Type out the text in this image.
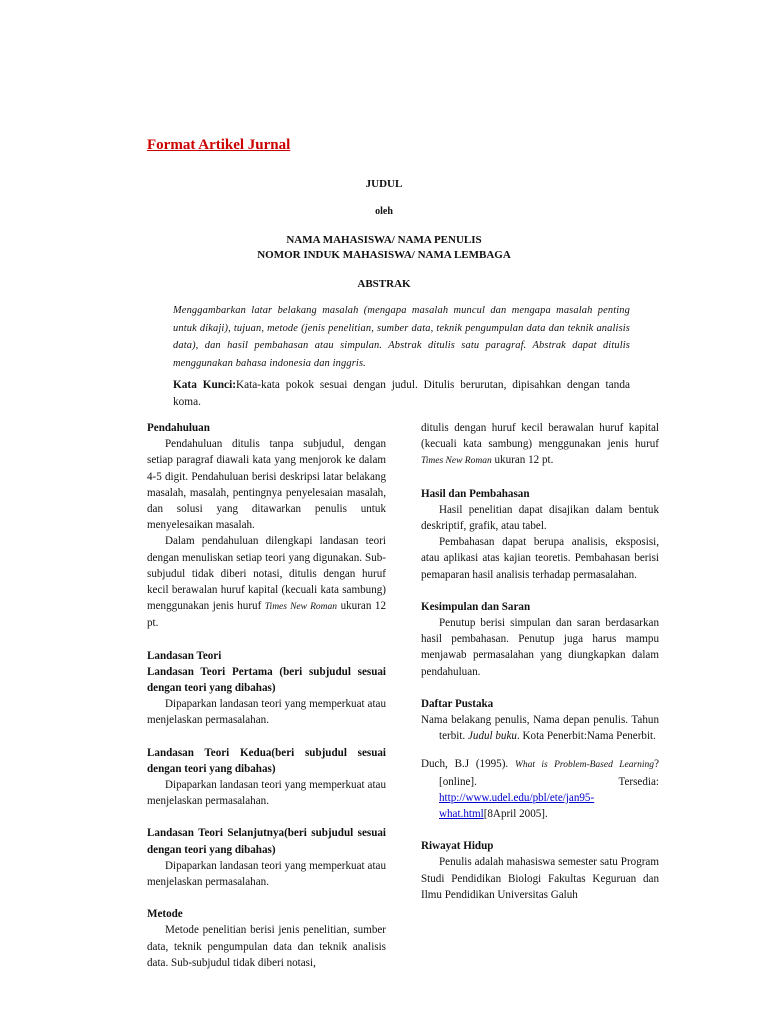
Format Artikel Jurnal
JUDUL
oleh
NAMA MAHASISWA/ NAMA PENULIS
NOMOR INDUK MAHASISWA/ NAMA LEMBAGA
ABSTRAK
Menggambarkan latar belakang masalah (mengapa masalah muncul dan mengapa masalah penting untuk dikaji), tujuan, metode (jenis penelitian, sumber data, teknik pengumpulan data dan teknik analisis data), dan hasil pembahasan atau simpulan. Abstrak ditulis satu paragraf. Abstrak dapat ditulis menggunakan bahasa indonesia dan inggris.
Kata Kunci:Kata-kata pokok sesuai dengan judul. Ditulis berurutan, dipisahkan dengan tanda koma.
Pendahuluan

Pendahuluan ditulis tanpa subjudul, dengan setiap paragraf diawali kata yang menjorok ke dalam 4-5 digit. Pendahuluan berisi deskripsi latar belakang masalah, masalah, pentingnya penyelesaian masalah, dan solusi yang ditawarkan penulis untuk menyelesaikan masalah.

Dalam pendahuluan dilengkapi landasan teori dengan menuliskan setiap teori yang digunakan. Sub-subjudul tidak diberi notasi, ditulis dengan huruf kecil berawalan huruf kapital (kecuali kata sambung) menggunakan jenis huruf Times New Roman ukuran 12 pt.

Landasan Teori
Landasan Teori Pertama (beri subjudul sesuai dengan teori yang dibahas)

Dipaparkan landasan teori yang memperkuat atau menjelaskan permasalahan.

Landasan Teori Kedua(beri subjudul sesuai dengan teori yang dibahas)

Dipaparkan landasan teori yang memperkuat atau menjelaskan permasalahan.

Landasan Teori Selanjutnya(beri subjudul sesuai dengan teori yang dibahas)

Dipaparkan landasan teori yang memperkuat atau menjelaskan permasalahan.

Metode

Metode penelitian berisi jenis penelitian, sumber data, teknik pengumpulan data dan teknik analisis data. Sub-subjudul tidak diberi notasi,

ditulis dengan huruf kecil berawalan huruf kapital (kecuali kata sambung) menggunakan jenis huruf Times New Roman ukuran 12 pt.

Hasil dan Pembahasan

Hasil penelitian dapat disajikan dalam bentuk deskriptif, grafik, atau tabel.

Pembahasan dapat berupa analisis, eksposisi, atau aplikasi atas kajian teoretis. Pembahasan berisi pemaparan hasil analisis terhadap permasalahan.

Kesimpulan dan Saran

Penutup berisi simpulan dan saran berdasarkan hasil pembahasan. Penutup juga harus mampu menjawab permasalahan yang diungkapkan dalam pendahuluan.

Daftar Pustaka

Nama belakang penulis, Nama depan penulis. Tahun terbit. Judul buku. Kota Penerbit:Nama Penerbit.

Duch, B.J (1995). What is Problem-Based Learning? [online]. Tersedia: http://www.udel.edu/pbl/ete/jan95-what.html[8April 2005].

Riwayat Hidup

Penulis adalah mahasiswa semester satu Program Studi Pendidikan Biologi Fakultas Keguruan dan Ilmu Pendidikan Universitas Galuh
